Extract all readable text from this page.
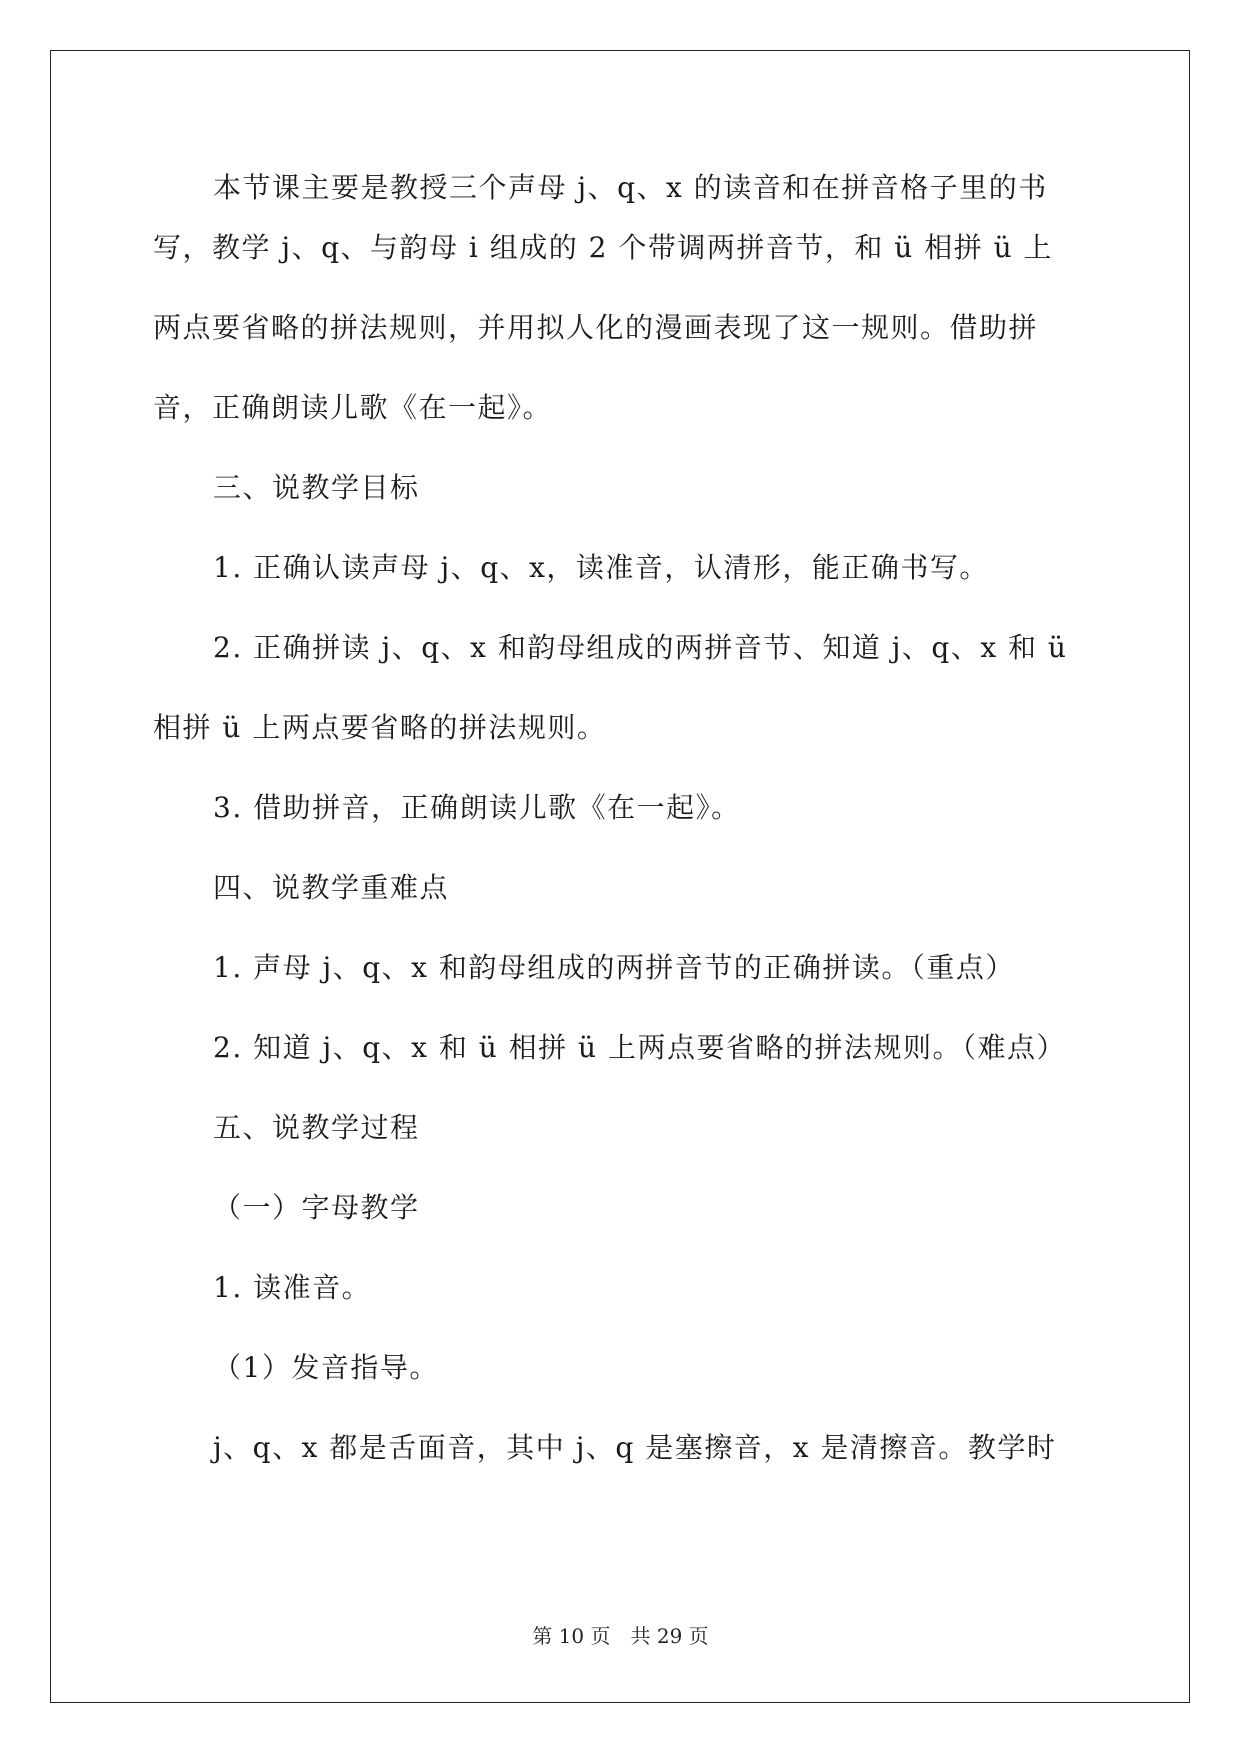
本节课主要是教授三个声母 j、q、x 的读音和在拼音格子里的书
写，教学 j、q、与韵母 i 组成的 2 个带调两拼音节，和 ü 相拼 ü 上
两点要省略的拼法规则，并用拟人化的漫画表现了这一规则。借助拼
音，正确朗读儿歌《在一起》。
三、说教学目标
1. 正确认读声母 j、q、x，读准音，认清形，能正确书写。
2. 正确拼读 j、q、x 和韵母组成的两拼音节、知道 j、q、x 和 ü
相拼 ü 上两点要省略的拼法规则。
3. 借助拼音，正确朗读儿歌《在一起》。
四、说教学重难点
1. 声母 j、q、x 和韵母组成的两拼音节的正确拼读。（重点）
2. 知道 j、q、x 和 ü 相拼 ü 上两点要省略的拼法规则。（难点）
五、说教学过程
（一）字母教学
1. 读准音。
（1）发音指导。
j、q、x 都是舌面音，其中 j、q 是塞擦音，x 是清擦音。教学时
第 10 页　共 29 页
